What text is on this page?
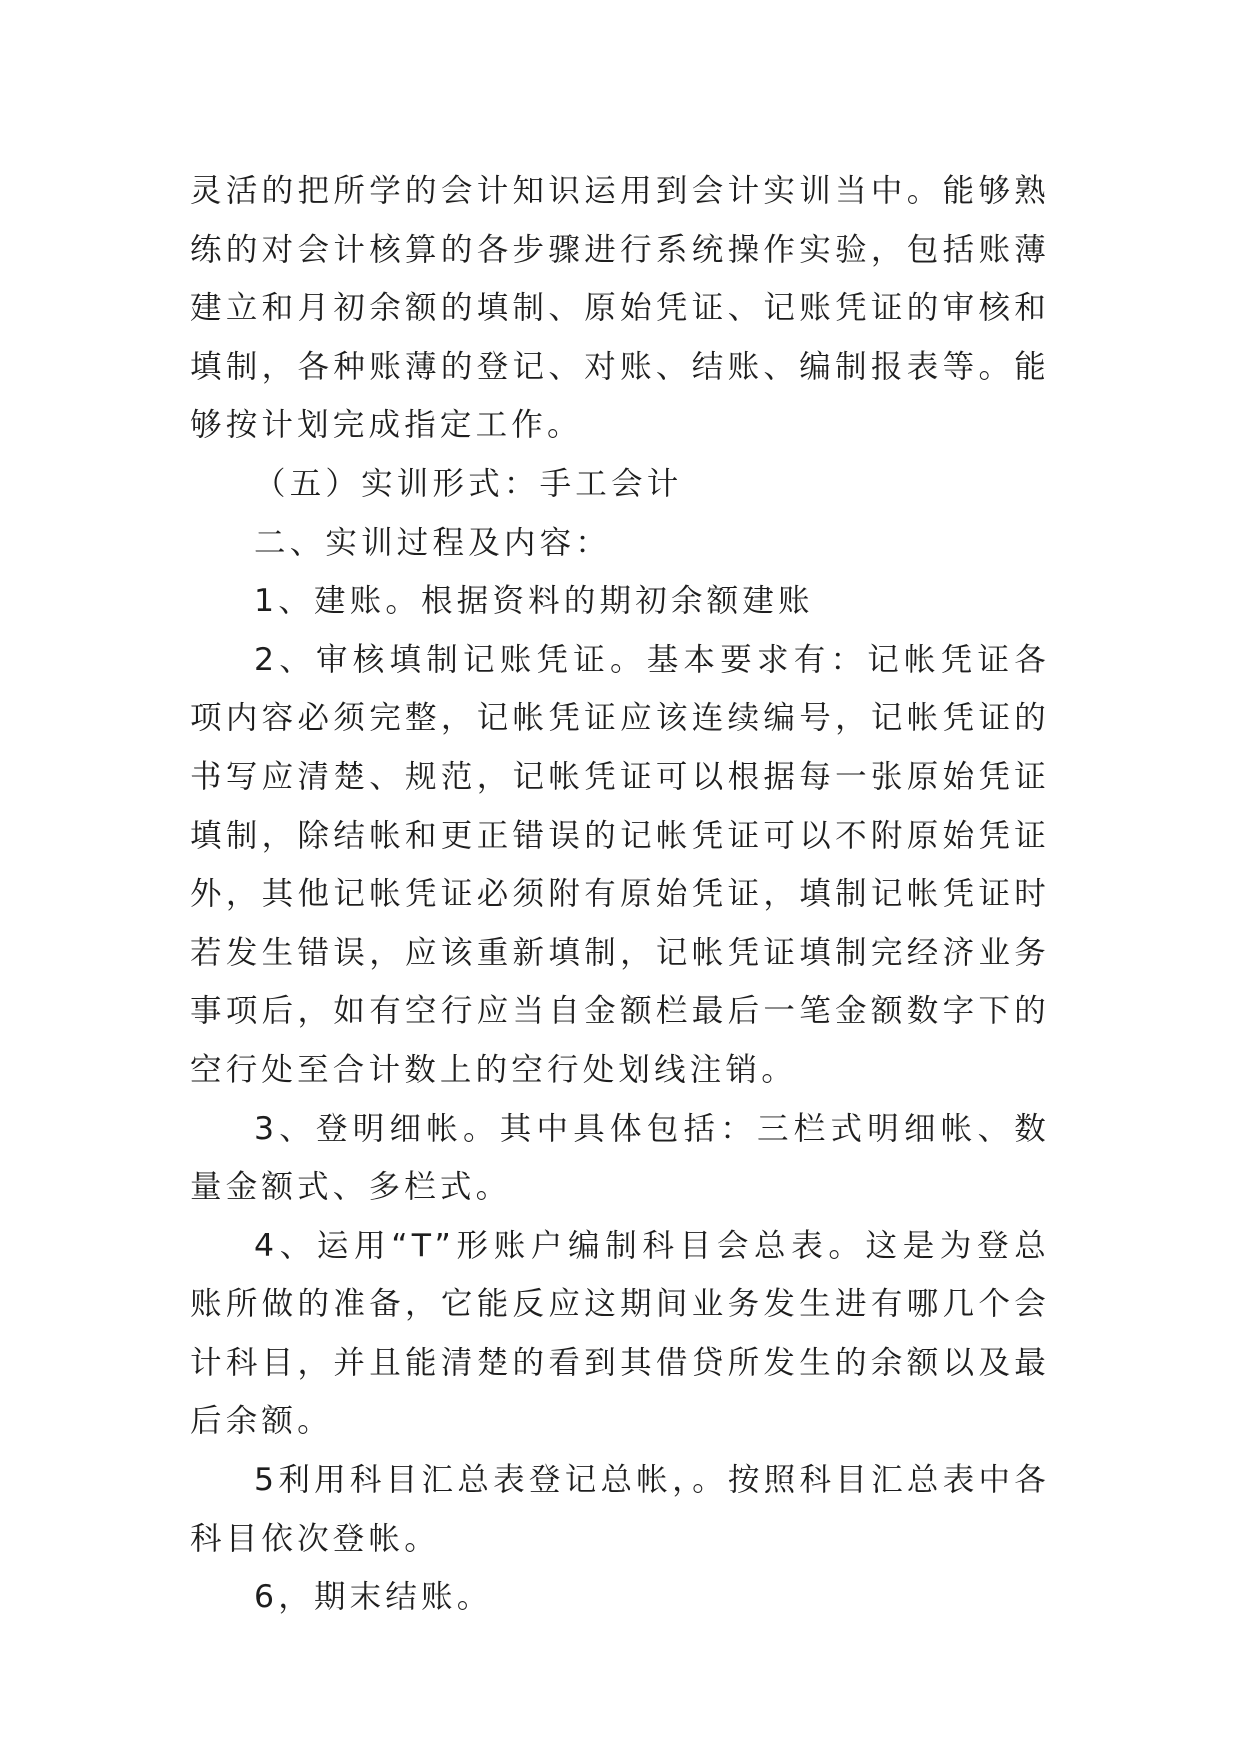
灵活的把所学的会计知识运用到会计实训当中。能够熟练的对会计核算的各步骤进行系统操作实验，包括账薄建立和月初余额的填制、原始凭证、记账凭证的审核和填制，各种账薄的登记、对账、结账、编制报表等。能够按计划完成指定工作。

（五）实训形式：手工会计

二、实训过程及内容：

1、建账。根据资料的期初余额建账

2、审核填制记账凭证。基本要求有：记帐凭证各项内容必须完整，记帐凭证应该连续编号，记帐凭证的书写应清楚、规范，记帐凭证可以根据每一张原始凭证填制，除结帐和更正错误的记帐凭证可以不附原始凭证外，其他记帐凭证必须附有原始凭证，填制记帐凭证时若发生错误，应该重新填制，记帐凭证填制完经济业务事项后，如有空行应当自金额栏最后一笔金额数字下的空行处至合计数上的空行处划线注销。

3、登明细帐。其中具体包括：三栏式明细帐、数量金额式、多栏式。

4、运用“T”形账户编制科目会总表。这是为登总账所做的准备，它能反应这期间业务发生进有哪几个会计科目，并且能清楚的看到其借贷所发生的余额以及最后余额。

5利用科目汇总表登记总帐，。按照科目汇总表中各科目依次登帐。

6，期末结账。
